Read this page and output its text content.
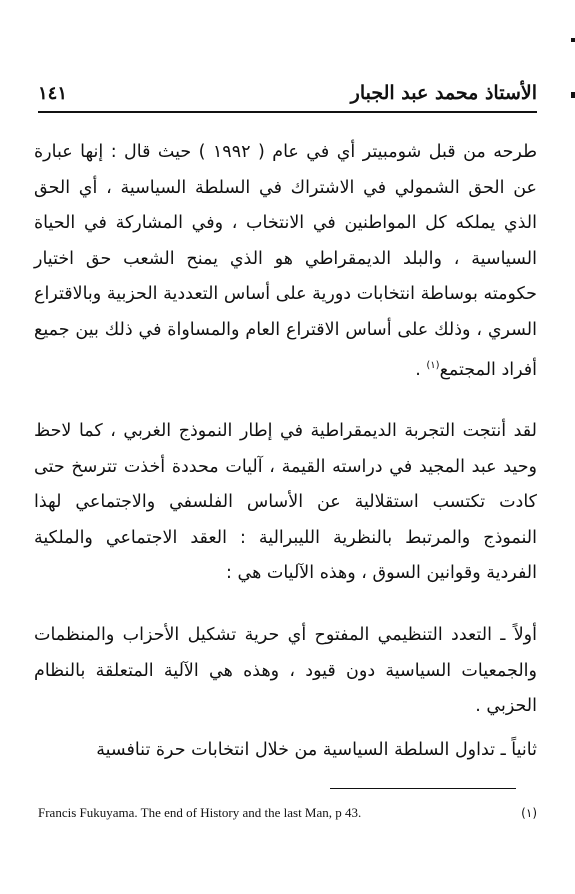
الأستاذ محمد عبد الجبار
١٤١

طرحه من قبل شومبيتر أي في عام ( ١٩٩٢ ) حيث قال : إنها عبارة عن الحق الشمولي في الاشتراك في السلطة السياسية ، أي الحق الذي يملكه كل المواطنين في الانتخاب ، وفي المشاركة في الحياة السياسية ، والبلد الديمقراطي هو الذي يمنح الشعب حق اختيار حكومته بوساطة انتخابات دورية على أساس التعددية الحزبية وبالاقتراع السري ، وذلك على أساس الاقتراع العام والمساواة في ذلك بين جميع أفراد المجتمع$^{(١)}$ .

لقد أنتجت التجربة الديمقراطية في إطار النموذج الغربي ، كما لاحظ وحيد عبد المجيد في دراسته القيمة ، آليات محددة أخذت تترسخ حتى كادت تكتسب استقلالية عن الأساس الفلسفي والاجتماعي لهذا النموذج والمرتبط بالنظرية الليبرالية : العقد الاجتماعي والملكية الفردية وقوانين السوق ، وهذه الآليات هي :

أولاً ـ التعدد التنظيمي المفتوح أي حرية تشكيل الأحزاب والمنظمات والجمعيات السياسية دون قيود ، وهذه هي الآلية المتعلقة بالنظام الحزبي .

ثانياً ـ تداول السلطة السياسية من خلال انتخابات حرة تنافسية

Francis Fukuyama. The end of History and the last Man, p 43.	(١)
